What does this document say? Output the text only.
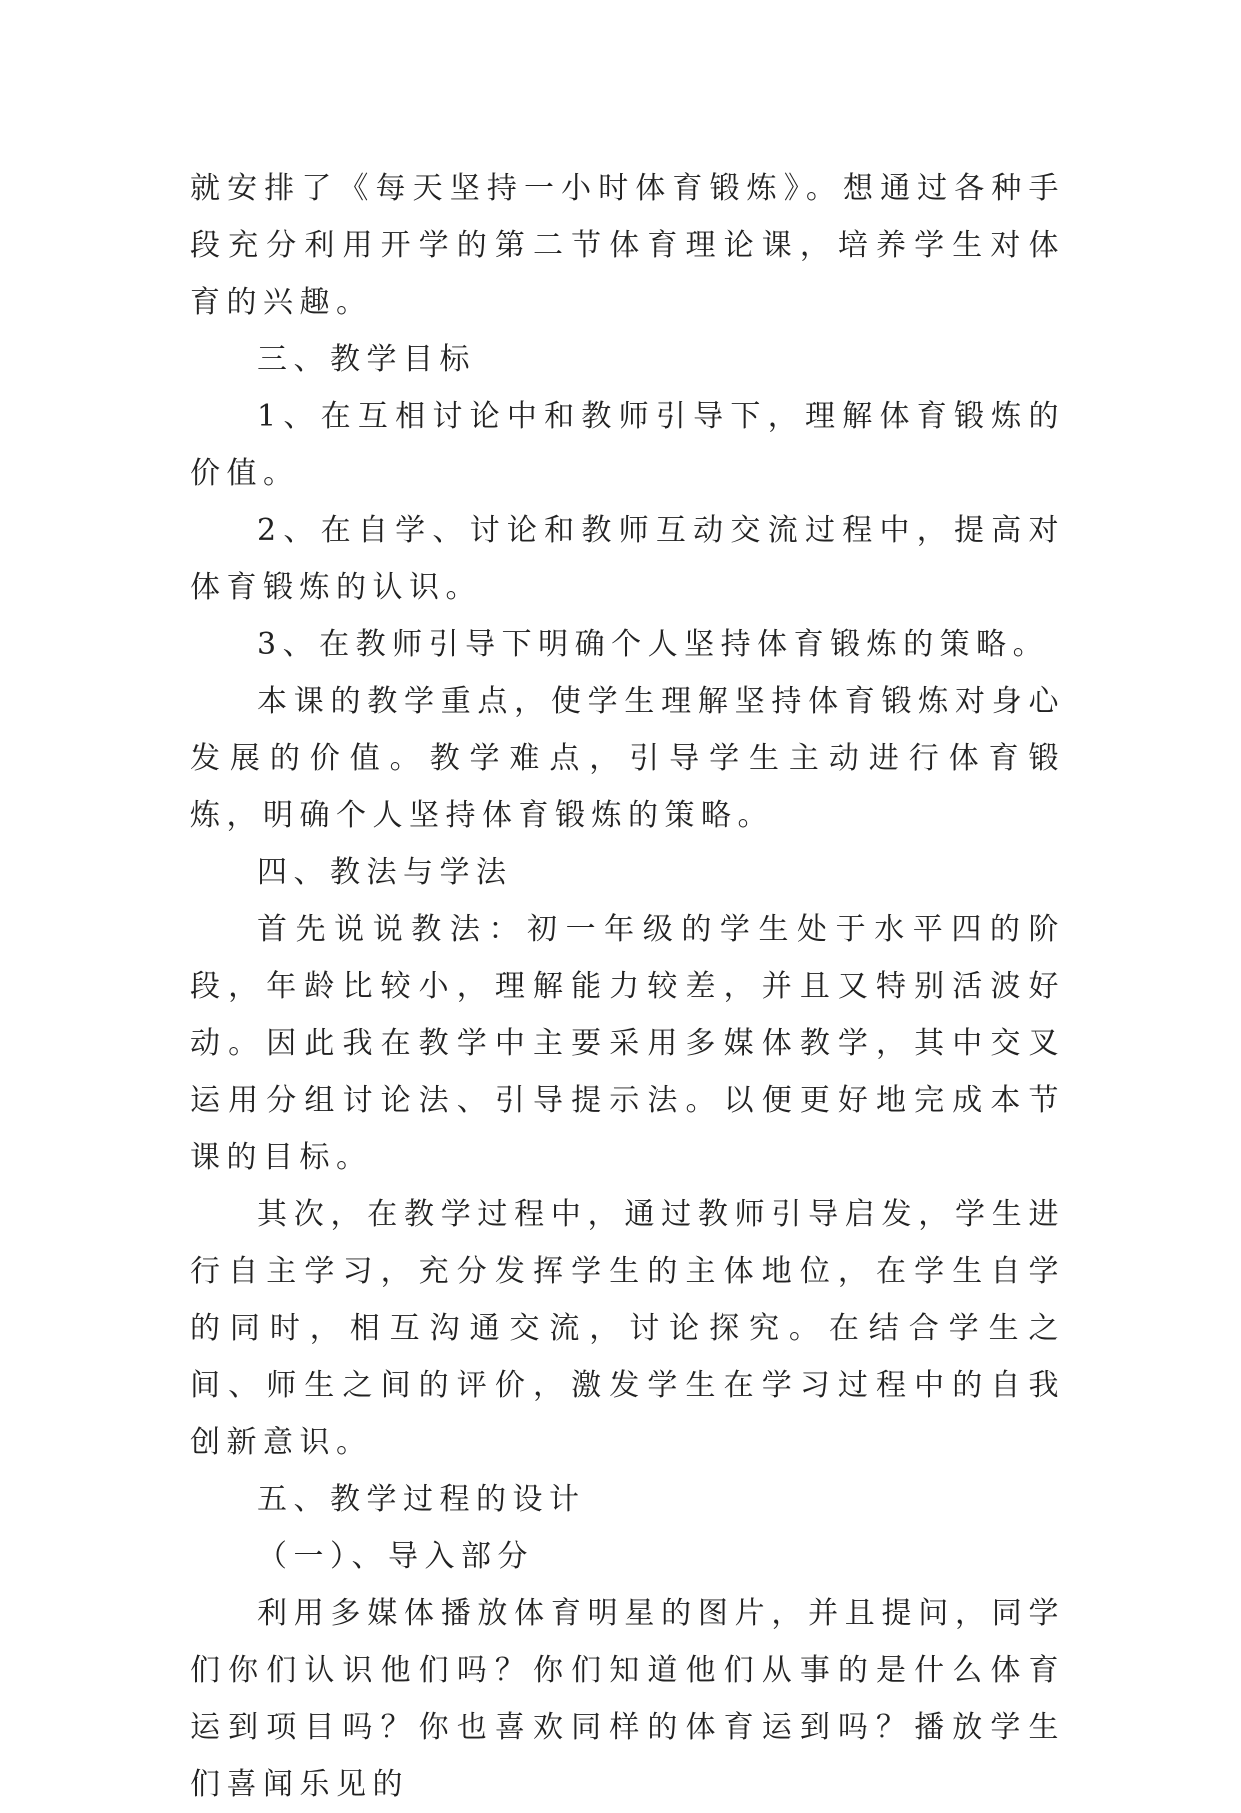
就安排了《每天坚持一小时体育锻炼》。想通过各种手段充分利用开学的第二节体育理论课，培养学生对体育的兴趣。

三、教学目标

1、在互相讨论中和教师引导下，理解体育锻炼的价值。

2、在自学、讨论和教师互动交流过程中，提高对体育锻炼的认识。

3、在教师引导下明确个人坚持体育锻炼的策略。

本课的教学重点，使学生理解坚持体育锻炼对身心发展的价值。教学难点，引导学生主动进行体育锻炼，明确个人坚持体育锻炼的策略。

四、教法与学法

首先说说教法：初一年级的学生处于水平四的阶段，年龄比较小，理解能力较差，并且又特别活波好动。因此我在教学中主要采用多媒体教学，其中交叉运用分组讨论法、引导提示法。以便更好地完成本节课的目标。

其次，在教学过程中，通过教师引导启发，学生进行自主学习，充分发挥学生的主体地位，在学生自学的同时，相互沟通交流，讨论探究。在结合学生之间、师生之间的评价，激发学生在学习过程中的自我创新意识。

五、教学过程的设计

（一）、导入部分

利用多媒体播放体育明星的图片，并且提问，同学们你们认识他们吗？你们知道他们从事的是什么体育运到项目吗？你也喜欢同样的体育运到吗？播放学生们喜闻乐见的
